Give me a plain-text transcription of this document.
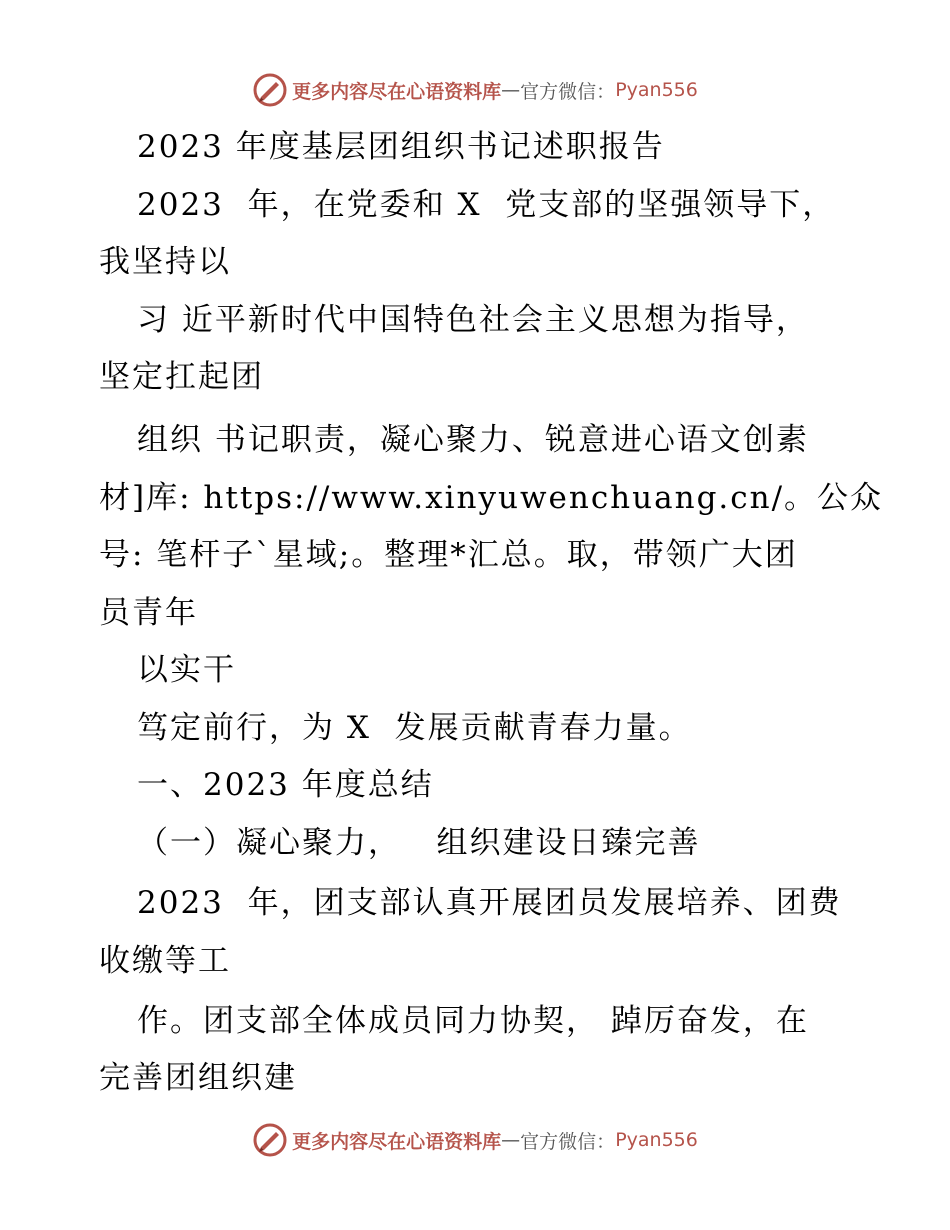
更多内容尽在心语资料库 — 官方微信： Pyan556
2023 年度基层团组织书记述职报告
2023  年，在党委和 X  党支部的坚强领导下，
我坚持以
习 近平新时代中国特色社会主义思想为指导，
坚定扛起团
组织 书记职责，凝心聚力、锐意进心语文创素
材]库: https://www.xinyuwenchuang.cn/。公众
号: 笔杆子`星域;。整理*汇总。取，带领广大团
员青年
以实干
笃定前行，为 X  发展贡献青春力量。
一、2023 年度总结
（一）凝心聚力，   组织建设日臻完善
2023  年，团支部认真开展团员发展培养、团费
收缴等工
作。团支部全体成员同力协契， 踔厉奋发，在
完善团组织建
更多内容尽在心语资料库 — 官方微信： Pyan556
